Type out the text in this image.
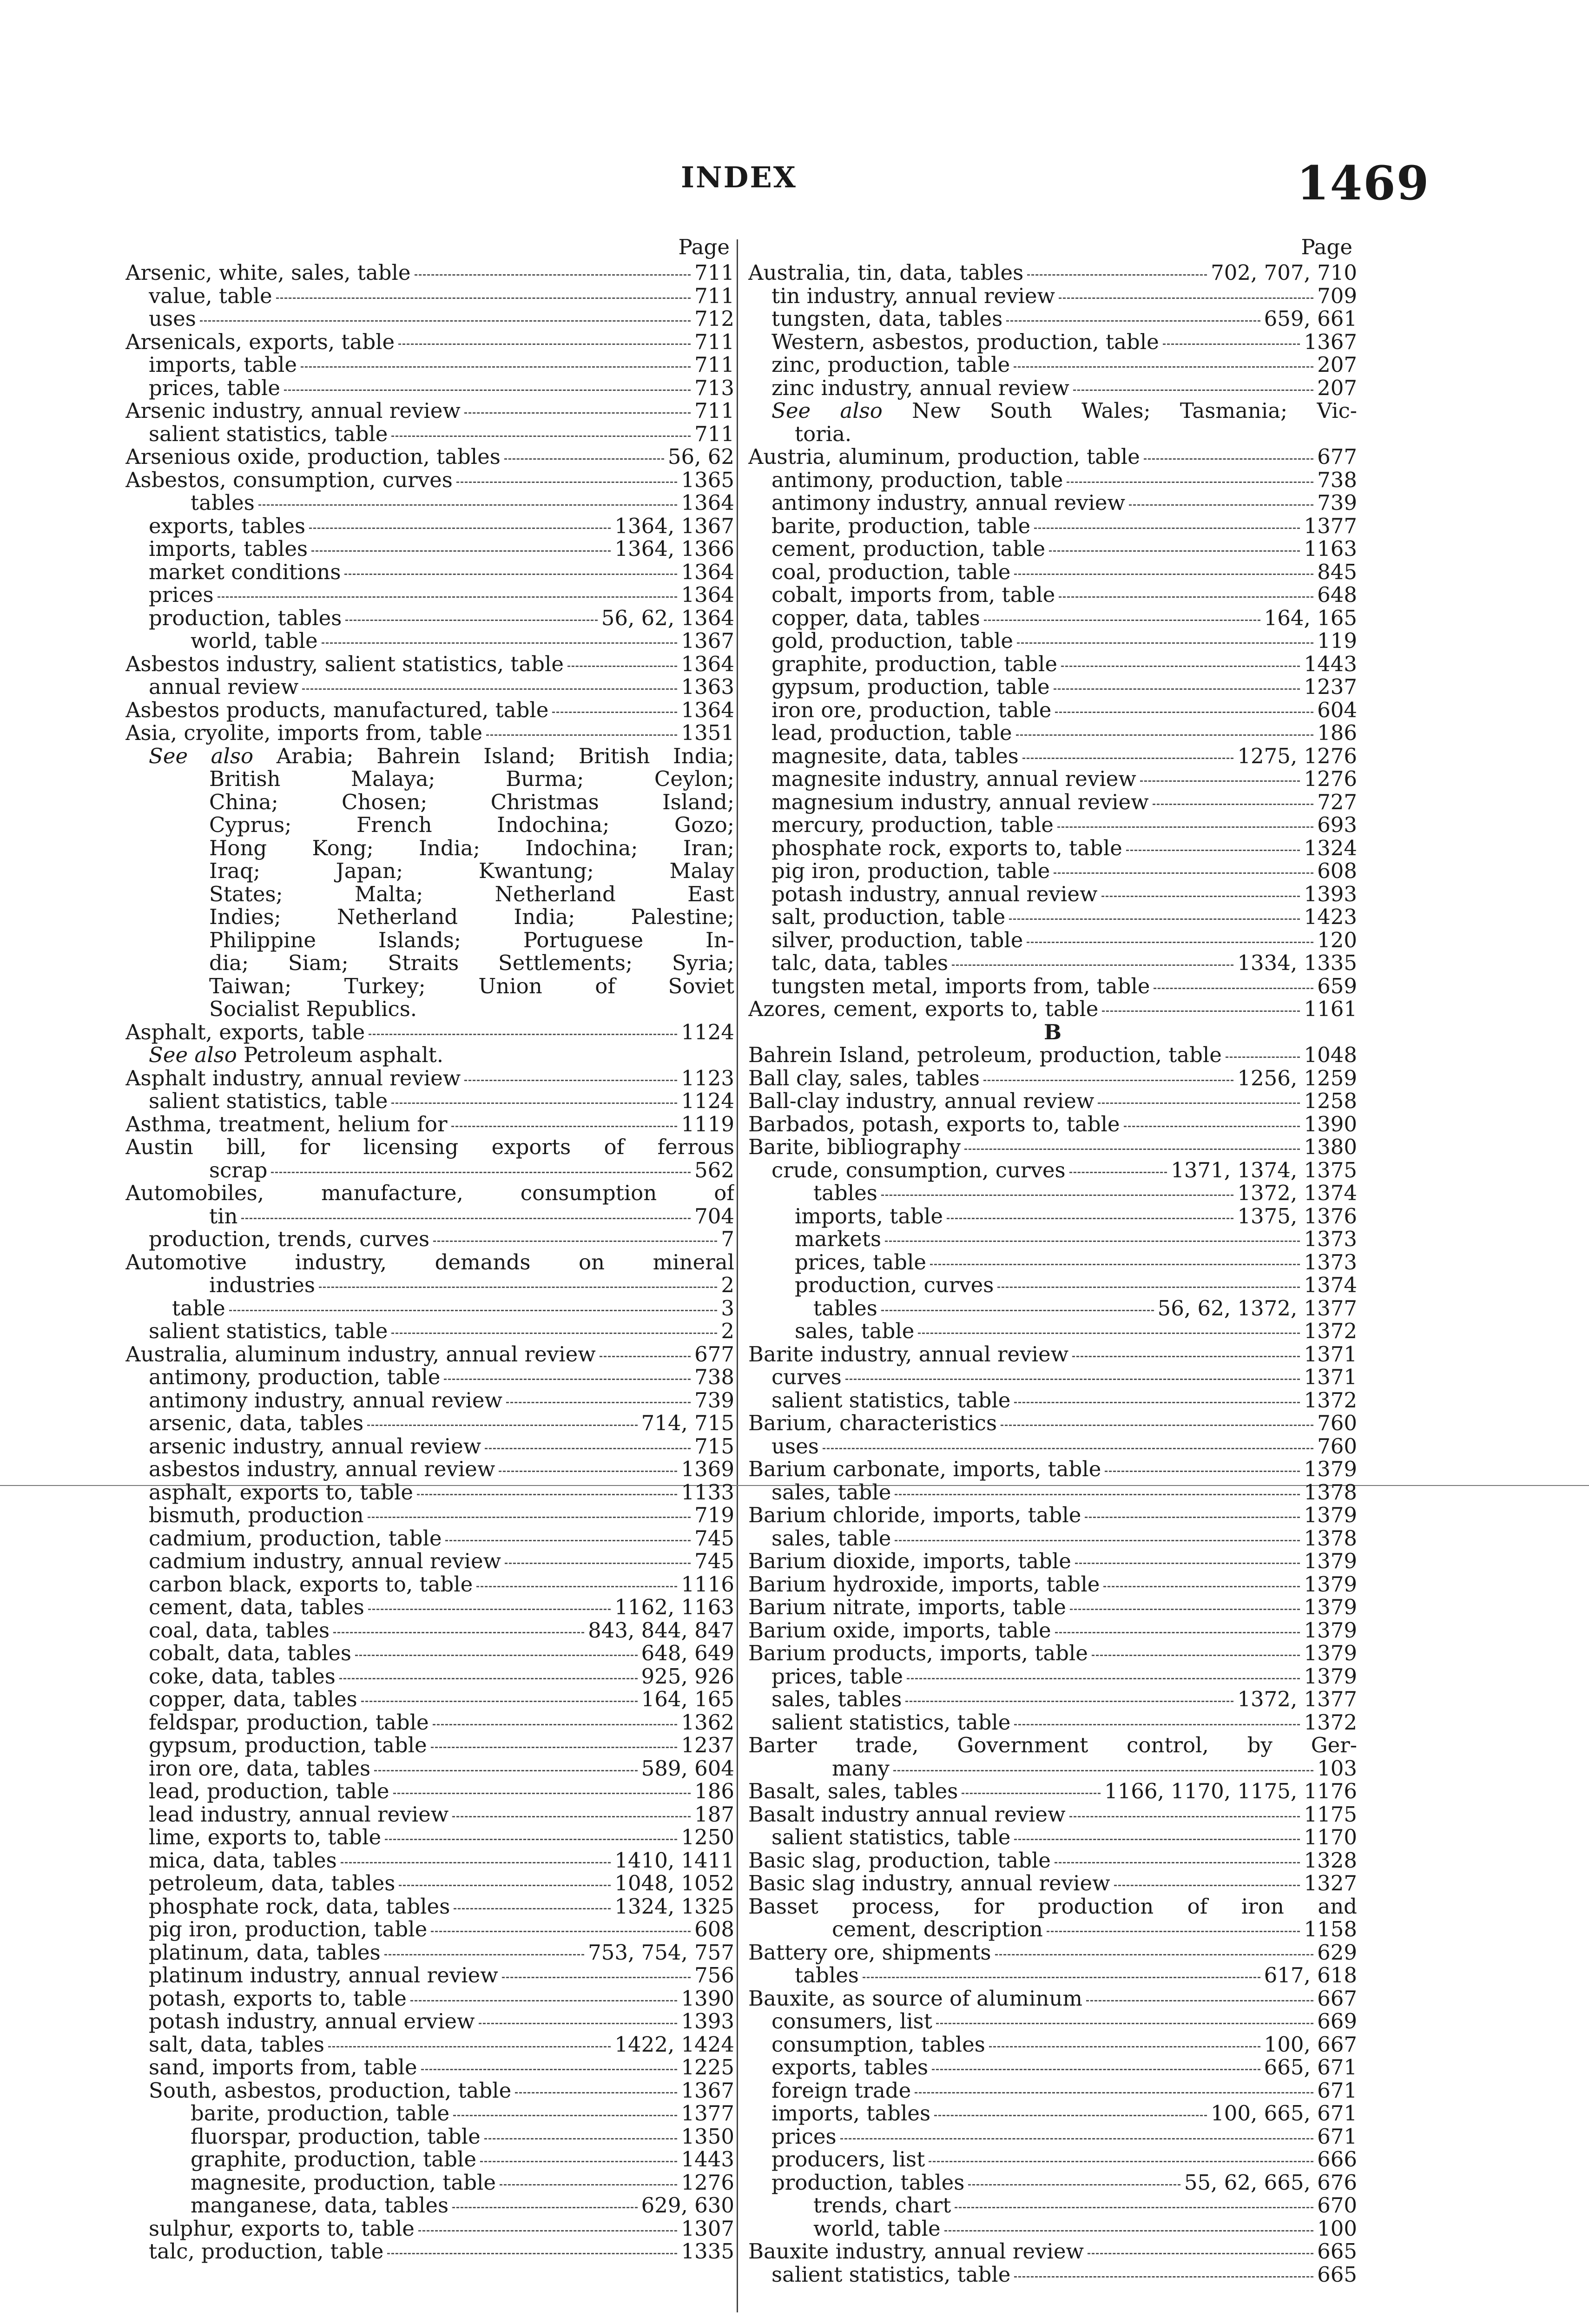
INDEX	1469
Page
Arsenic, white, sales, table	711
value, table	711
uses	712
Arsenicals, exports, table	711
imports, table	711
prices, table	713
Arsenic industry, annual review	711
salient statistics, table	711
Arsenious oxide, production, tables	56, 62
Asbestos, consumption, curves	1365
tables	1364
exports, tables	1364, 1367
imports, tables	1364, 1366
market conditions	1364
prices	1364
production, tables	56, 62, 1364
world, table	1367
Asbestos industry, salient statistics, table	1364
annual review	1363
Asbestos products, manufactured, table	1364
Asia, cryolite, imports from, table	1351
See also Arabia; Bahrein Island; British India;
British Malaya; Burma; Ceylon;
China; Chosen; Christmas Island;
Cyprus; French Indochina; Gozo;
Hong Kong; India; Indochina; Iran;
Iraq; Japan; Kwantung; Malay
States; Malta; Netherland East
Indies; Netherland India; Palestine;
Philippine Islands; Portuguese In-
dia; Siam; Straits Settlements; Syria;
Taiwan; Turkey; Union of Soviet
Socialist Republics.
Asphalt, exports, table	1124
See also Petroleum asphalt.
Asphalt industry, annual review	1123
salient statistics, table	1124
Asthma, treatment, helium for	1119
Austin bill, for licensing exports of ferrous
scrap	562
Automobiles, manufacture, consumption of
tin	704
production, trends, curves	7
Automotive industry, demands on mineral
industries	2
table	3
salient statistics, table	2
Australia, aluminum industry, annual review	677
antimony, production, table	738
antimony industry, annual review	739
arsenic, data, tables	714, 715
arsenic industry, annual review	715
asbestos industry, annual review	1369
asphalt, exports to, table	1133
bismuth, production	719
cadmium, production, table	745
cadmium industry, annual review	745
carbon black, exports to, table	1116
cement, data, tables	1162, 1163
coal, data, tables	843, 844, 847
cobalt, data, tables	648, 649
coke, data, tables	925, 926
copper, data, tables	164, 165
feldspar, production, table	1362
gypsum, production, table	1237
iron ore, data, tables	589, 604
lead, production, table	186
lead industry, annual review	187
lime, exports to, table	1250
mica, data, tables	1410, 1411
petroleum, data, tables	1048, 1052
phosphate rock, data, tables	1324, 1325
pig iron, production, table	608
platinum, data, tables	753, 754, 757
platinum industry, annual review	756
potash, exports to, table	1390
potash industry, annual erview	1393
salt, data, tables	1422, 1424
sand, imports from, table	1225
South, asbestos, production, table	1367
barite, production, table	1377
fluorspar, production, table	1350
graphite, production, table	1443
magnesite, production, table	1276
manganese, data, tables	629, 630
sulphur, exports to, table	1307
talc, production, table	1335
Page
Australia, tin, data, tables	702, 707, 710
tin industry, annual review	709
tungsten, data, tables	659, 661
Western, asbestos, production, table	1367
zinc, production, table	207
zinc industry, annual review	207
See also New South Wales; Tasmania; Vic-
toria.
Austria, aluminum, production, table	677
antimony, production, table	738
antimony industry, annual review	739
barite, production, table	1377
cement, production, table	1163
coal, production, table	845
cobalt, imports from, table	648
copper, data, tables	164, 165
gold, production, table	119
graphite, production, table	1443
gypsum, production, table	1237
iron ore, production, table	604
lead, production, table	186
magnesite, data, tables	1275, 1276
magnesite industry, annual review	1276
magnesium industry, annual review	727
mercury, production, table	693
phosphate rock, exports to, table	1324
pig iron, production, table	608
potash industry, annual review	1393
salt, production, table	1423
silver, production, table	120
talc, data, tables	1334, 1335
tungsten metal, imports from, table	659
Azores, cement, exports to, table	1161
B
Bahrein Island, petroleum, production, table	1048
Ball clay, sales, tables	1256, 1259
Ball-clay industry, annual review	1258
Barbados, potash, exports to, table	1390
Barite, bibliography	1380
crude, consumption, curves	1371, 1374, 1375
tables	1372, 1374
imports, table	1375, 1376
markets	1373
prices, table	1373
production, curves	1374
tables	56, 62, 1372, 1377
sales, table	1372
Barite industry, annual review	1371
curves	1371
salient statistics, table	1372
Barium, characteristics	760
uses	760
Barium carbonate, imports, table	1379
sales, table	1378
Barium chloride, imports, table	1379
sales, table	1378
Barium dioxide, imports, table	1379
Barium hydroxide, imports, table	1379
Barium nitrate, imports, table	1379
Barium oxide, imports, table	1379
Barium products, imports, table	1379
prices, table	1379
sales, tables	1372, 1377
salient statistics, table	1372
Barter trade, Government control, by Ger-
many	103
Basalt, sales, tables	1166, 1170, 1175, 1176
Basalt industry annual review	1175
salient statistics, table	1170
Basic slag, production, table	1328
Basic slag industry, annual review	1327
Basset process, for production of iron and
cement, description	1158
Battery ore, shipments	629
tables	617, 618
Bauxite, as source of aluminum	667
consumers, list	669
consumption, tables	100, 667
exports, tables	665, 671
foreign trade	671
imports, tables	100, 665, 671
prices	671
producers, list	666
production, tables	55, 62, 665, 676
trends, chart	670
world, table	100
Bauxite industry, annual review	665
salient statistics, table	665
